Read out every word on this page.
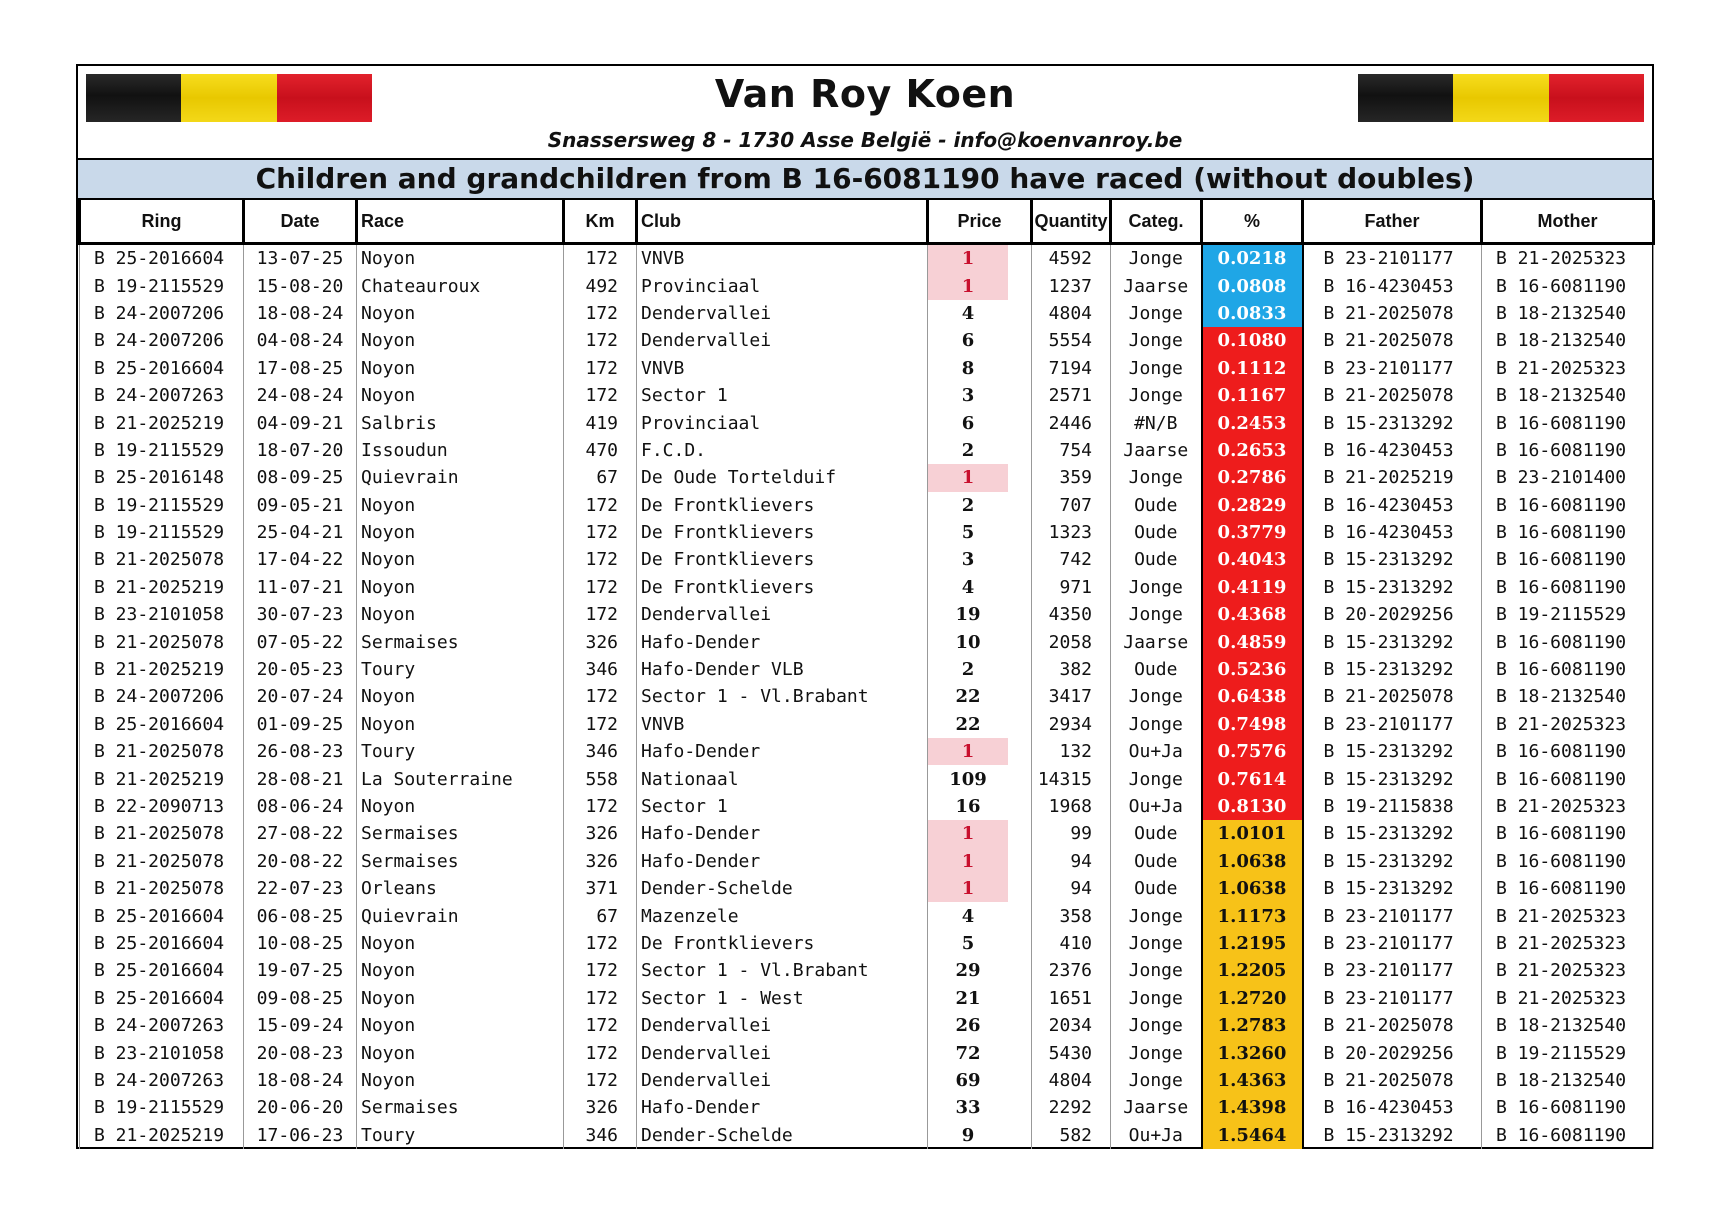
Van Roy Koen
Snassersweg 8 - 1730 Asse België - info@koenvanroy.be
Children and grandchildren from B 16-6081190 have raced (without doubles)
Ring	Date	Race	Km	Club	Price	Quantity	Categ.	%	Father	Mother
B 25-2016604	13-07-25	Noyon	172	VNVB	1	4592	Jonge	0.0218	B 23-2101177	B 21-2025323
B 19-2115529	15-08-20	Chateauroux	492	Provinciaal	1	1237	Jaarse	0.0808	B 16-4230453	B 16-6081190
B 24-2007206	18-08-24	Noyon	172	Dendervallei	4	4804	Jonge	0.0833	B 21-2025078	B 18-2132540
B 24-2007206	04-08-24	Noyon	172	Dendervallei	6	5554	Jonge	0.1080	B 21-2025078	B 18-2132540
B 25-2016604	17-08-25	Noyon	172	VNVB	8	7194	Jonge	0.1112	B 23-2101177	B 21-2025323
B 24-2007263	24-08-24	Noyon	172	Sector 1	3	2571	Jonge	0.1167	B 21-2025078	B 18-2132540
B 21-2025219	04-09-21	Salbris	419	Provinciaal	6	2446	#N/B	0.2453	B 15-2313292	B 16-6081190
B 19-2115529	18-07-20	Issoudun	470	F.C.D.	2	754	Jaarse	0.2653	B 16-4230453	B 16-6081190
B 25-2016148	08-09-25	Quievrain	67	De Oude Tortelduif	1	359	Jonge	0.2786	B 21-2025219	B 23-2101400
B 19-2115529	09-05-21	Noyon	172	De Frontklievers	2	707	Oude	0.2829	B 16-4230453	B 16-6081190
B 19-2115529	25-04-21	Noyon	172	De Frontklievers	5	1323	Oude	0.3779	B 16-4230453	B 16-6081190
B 21-2025078	17-04-22	Noyon	172	De Frontklievers	3	742	Oude	0.4043	B 15-2313292	B 16-6081190
B 21-2025219	11-07-21	Noyon	172	De Frontklievers	4	971	Jonge	0.4119	B 15-2313292	B 16-6081190
B 23-2101058	30-07-23	Noyon	172	Dendervallei	19	4350	Jonge	0.4368	B 20-2029256	B 19-2115529
B 21-2025078	07-05-22	Sermaises	326	Hafo-Dender	10	2058	Jaarse	0.4859	B 15-2313292	B 16-6081190
B 21-2025219	20-05-23	Toury	346	Hafo-Dender VLB	2	382	Oude	0.5236	B 15-2313292	B 16-6081190
B 24-2007206	20-07-24	Noyon	172	Sector 1 - Vl.Brabant	22	3417	Jonge	0.6438	B 21-2025078	B 18-2132540
B 25-2016604	01-09-25	Noyon	172	VNVB	22	2934	Jonge	0.7498	B 23-2101177	B 21-2025323
B 21-2025078	26-08-23	Toury	346	Hafo-Dender	1	132	Ou+Ja	0.7576	B 15-2313292	B 16-6081190
B 21-2025219	28-08-21	La Souterraine	558	Nationaal	109	14315	Jonge	0.7614	B 15-2313292	B 16-6081190
B 22-2090713	08-06-24	Noyon	172	Sector 1	16	1968	Ou+Ja	0.8130	B 19-2115838	B 21-2025323
B 21-2025078	27-08-22	Sermaises	326	Hafo-Dender	1	99	Oude	1.0101	B 15-2313292	B 16-6081190
B 21-2025078	20-08-22	Sermaises	326	Hafo-Dender	1	94	Oude	1.0638	B 15-2313292	B 16-6081190
B 21-2025078	22-07-23	Orleans	371	Dender-Schelde	1	94	Oude	1.0638	B 15-2313292	B 16-6081190
B 25-2016604	06-08-25	Quievrain	67	Mazenzele	4	358	Jonge	1.1173	B 23-2101177	B 21-2025323
B 25-2016604	10-08-25	Noyon	172	De Frontklievers	5	410	Jonge	1.2195	B 23-2101177	B 21-2025323
B 25-2016604	19-07-25	Noyon	172	Sector 1 - Vl.Brabant	29	2376	Jonge	1.2205	B 23-2101177	B 21-2025323
B 25-2016604	09-08-25	Noyon	172	Sector 1 - West	21	1651	Jonge	1.2720	B 23-2101177	B 21-2025323
B 24-2007263	15-09-24	Noyon	172	Dendervallei	26	2034	Jonge	1.2783	B 21-2025078	B 18-2132540
B 23-2101058	20-08-23	Noyon	172	Dendervallei	72	5430	Jonge	1.3260	B 20-2029256	B 19-2115529
B 24-2007263	18-08-24	Noyon	172	Dendervallei	69	4804	Jonge	1.4363	B 21-2025078	B 18-2132540
B 19-2115529	20-06-20	Sermaises	326	Hafo-Dender	33	2292	Jaarse	1.4398	B 16-4230453	B 16-6081190
B 21-2025219	17-06-23	Toury	346	Dender-Schelde	9	582	Ou+Ja	1.5464	B 15-2313292	B 16-6081190
